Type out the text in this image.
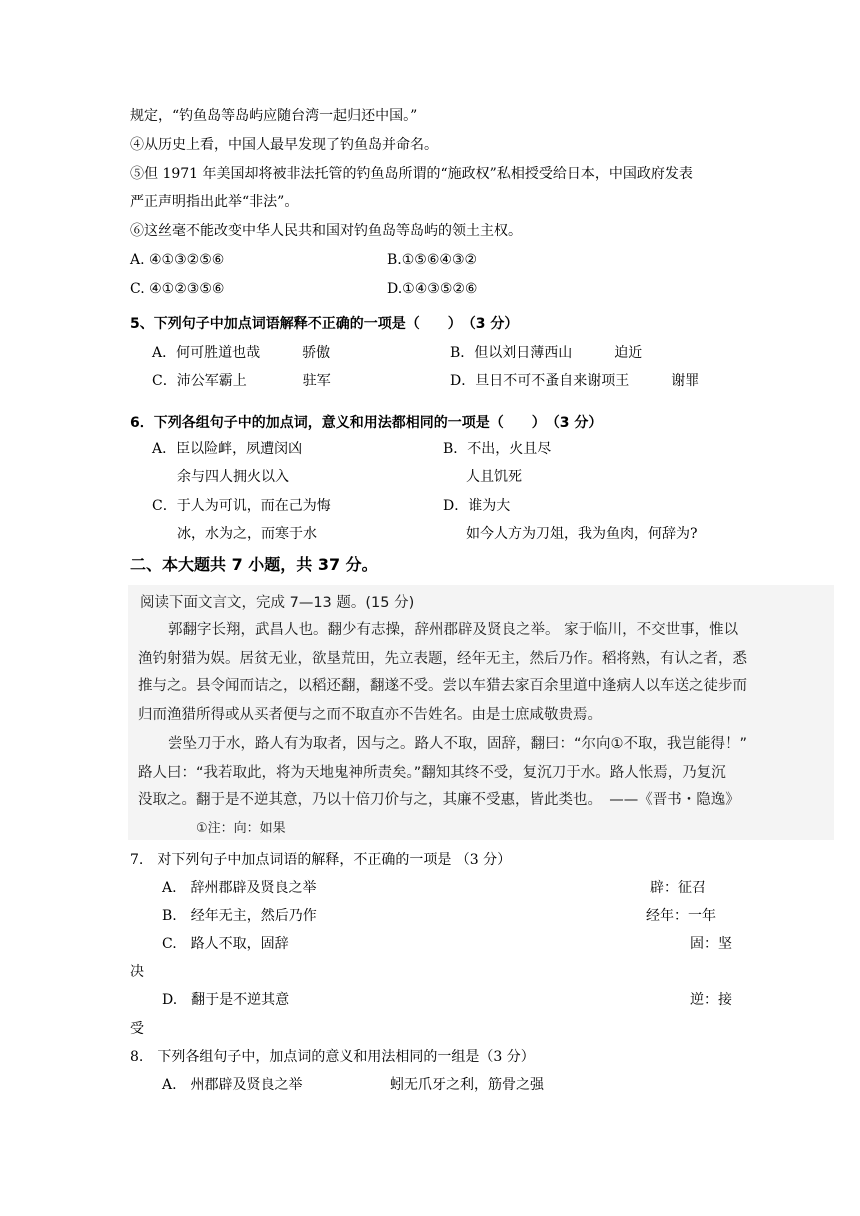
规定，“钓鱼岛等岛屿应随台湾一起归还中国。”
④从历史上看，中国人最早发现了钓鱼岛并命名。
⑤但 1971 年美国却将被非法托管的钓鱼岛所谓的“施政权”私相授受给日本，中国政府发表
严正声明指出此举“非法”。
⑥这丝毫不能改变中华人民共和国对钓鱼岛等岛屿的领土主权。
A. ④①③②⑤⑥	B.①⑤⑥④③②
C. ④①②③⑤⑥	D.①④③⑤②⑥
5、下列句子中加点词语解释不正确的一项是（　　）　（3 分）
A．何可胜道也哉　　　骄傲	B．但以刘日薄西山　　　迫近
C．沛公军霸上　　　　驻军	D．旦日不可不蚤自来谢项王　　　谢罪
6．下列各组句子中的加点词，意义和用法都相同的一项是（　　）　（3 分）
A．臣以险衅，夙遭闵凶	B．不出，火且尽
余与四人拥火以入	人且饥死
C．于人为可讥，而在己为悔	D．谁为大
冰，水为之，而寒于水	如今人方为刀俎，我为鱼肉，何辞为?
二、本大题共 7 小题，共 37 分。
阅读下面文言文，完成 7—13 题。(15 分)
郭翻字长翔，武昌人也。翻少有志操，辞州郡辟及贤良之举。 家于临川，不交世事，惟以
渔钓射猎为娱。居贫无业，欲垦荒田，先立表题，经年无主，然后乃作。稻将熟，有认之者，悉
推与之。县令闻而诘之，以稻还翻，翻遂不受。尝以车猎去家百余里道中逢病人以车送之徒步而
归而渔猎所得或从买者便与之而不取直亦不告姓名。由是士庶咸敬贵焉。
尝坠刀于水，路人有为取者，因与之。路人不取，固辞，翻曰：“尔向①不取，我岂能得！”
路人曰：“我若取此，将为天地鬼神所责矣。”翻知其终不受，复沉刀于水。路人怅焉，乃复沉
没取之。翻于是不逆其意，乃以十倍刀价与之，其廉不受惠，皆此类也。　——《晋书・隐逸》
①注：向：如果
7.　对下列句子中加点词语的解释，不正确的一项是 （3 分）
A.　辞州郡辟及贤良之举	辟：征召
B.　经年无主，然后乃作	经年：一年
C.　路人不取，固辞	固：坚
决
D.　翻于是不逆其意	逆：接
受
8.　下列各组句子中，加点词的意义和用法相同的一组是（3 分）
A.　州郡辟及贤良之举	蚓无爪牙之利，筋骨之强
